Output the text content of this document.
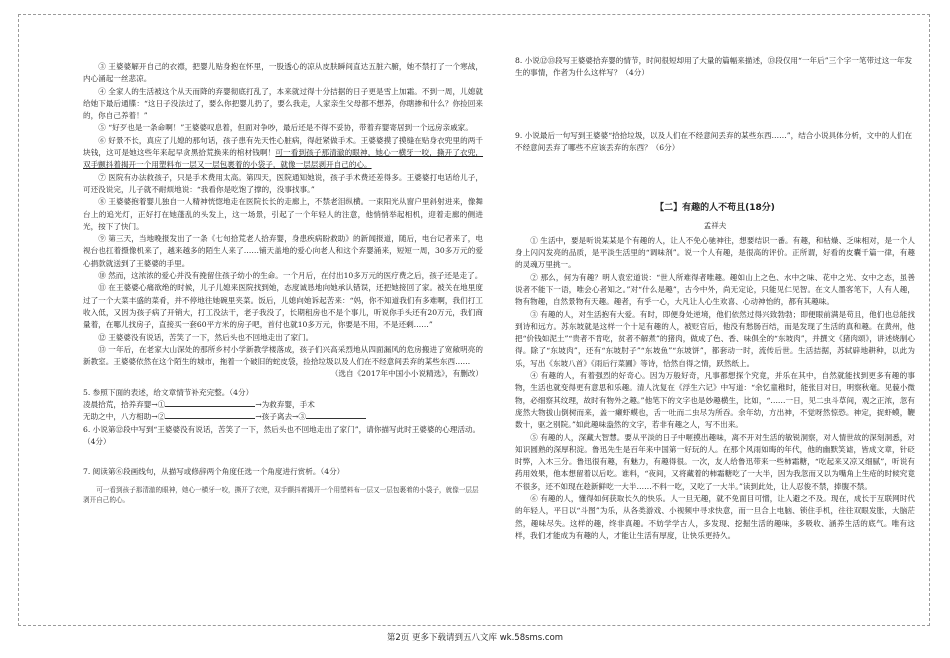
③ 王婆婆解开自己的衣襟，把婴儿贴身抱在怀里，一股透心的凉从皮肤瞬间直达五脏六腑，她不禁打了一个寒战，内心涌起一丝悲凉。

④ 全家人的生活被这个从天而降的弃婴彻底打乱了，本来就过得十分拮据的日子更是雪上加霜。不到一周，儿媳就给她下最后通牒：“这日子没法过了，要么你把婴儿扔了，要么我走，人家亲生父母都不想养，你瞎掺和什么？你捡回来的，你自己养着！”

⑤ “好歹也是一条命啊！”王婆婆叹息着，但面对争吵，最后还是不得不妥协，带着弃婴寄居到一个远房亲戚家。

⑥ 好景不长，真应了儿媳的那句话，孩子患有先天性心脏病，得赶紧做手术。王婆婆摸了摸缝在贴身衣兜里的两千块钱，这可是她这些年来起早贪黑拾荒换来的棺材钱啊！可一看到孩子那清澈的眼神，她心一横牙一咬，撕开了衣兜，双手颤抖着揭开一个用塑料布一层又一层包裹着的小袋子，就像一层层剥开自己的心。

⑦ 医院有办法救孩子，只是手术费用太高。第四天，医院通知她说，孩子手术费还差得多。王婆婆打电话给儿子，可还没说完，儿子就不耐烦地说：“我看你是吃饱了撑的，没事找事。”

⑧ 王婆婆抱着婴儿独自一人精神恍惚地走在医院长长的走廊上，不禁老泪纵横。一束阳光从窗户里斜射进来，像舞台上的追光灯，正好打在她蓬乱的头发上，这一场景，引起了一个年轻人的注意，他悄悄举起相机，迎着走廊的侧进光，按下了快门。

⑨ 第三天，当地晚报发出了一条《七旬拾荒老人拾弃婴，身患疾病盼救助》的新闻报道，随后，电台记者来了，电视台也扛着摄像机来了，越来越多的陌生人来了……铺天盖地的爱心向老人和这个弃婴涌来，短短一周，30多万元的爱心捐款就送到了王婆婆的手里。

⑩ 然而，这浓浓的爱心并没有挽留住孩子幼小的生命。一个月后，在付出10多万元的医疗费之后，孩子还是走了。

⑪ 在王婆婆心痛欲绝的时候，儿子儿媳来医院找到她，态度诚恳地向她承认错误，还把她接回了家。被关在地里度过了一个大菜丰盛的菜肴，并不停地往她碗里夹菜。饭后，儿媳向她诉起苦来：“妈，你不知道我们有多难啊，我们打工收入低，又因为孩子病了开销大，打工没法干，老子我没了，长期租房也不是个事儿，听说你手头还有20万元，我们商量着，在哪儿找房子，直接买一套60平方米的房子吧，首付也就10多万元，你要是不用，不是还剩……”

⑫ 王婆婆没有说话，苦笑了一下，然后头也不回地走出了家门。

⑬ 一年后，在老家大山深处的那所乡村小学新教学楼落成，孩子们兴高采烈地从四面漏风的危房搬进了宽敞明亮的新教室。王婆婆依然在这个陌生的城市，拖着一个破旧的蛇皮袋，捡拾垃圾以及人们在不经意间丢弃的某些东西……

（选自《2017年中国小小说精选》，有删改）

5. 参照下面的表述，给文章情节补充完整。（4分）

凌晨拾荒，拾养弃婴→①	→为救弃婴，手术

无助之中，八方相助→②	→孩子离去→③

6. 小说第⑫段中写到“王婆婆没有说话，苦笑了一下，然后头也不回地走出了家门”，请你描写此时王婆婆的心理活动。（4分）

7. 阅读第⑥段画线句，从描写或修辞两个角度任选一个角度进行赏析。（4分）

可一看到孩子那清澈的眼神，她心一横牙一咬，撕开了衣兜，双手颤抖着揭开一个用塑料布一层又一层包裹着的小袋子，就像一层层剥开自己的心。

8. 小说⑫⑬段写王婆婆拾弃婴的情节，时间很短却用了大量的篇幅来描述，⑬段仅用“一年后”三个字一笔带过这一年发生的事情，作者为什么这样写？（4分）

9. 小说最后一句写到王婆婆“拾拾垃圾，以及人们在不经意间丢弃的某些东西……”，结合小说具体分析，文中的人们在不经意间丢弃了哪些不应该丢弃的东西？（6分）

【二】有趣的人不苟且(18分)

孟祥夫

① 生活中，要是听说某某是个有趣的人，让人不免心驰神往，想要结识一番。有趣，和枯燥、乏味相对，是一个人身上闪闪发亮的品质，是平淡生活里的“调味剂”。说一个人有趣，是很高的评价。正所谓，好看的皮囊千篇一律，有趣的灵魂万里挑一。

② 那么，何为有趣？明人袁宏道说：“世人所难得者唯趣。趣如山上之色、水中之味、花中之光、女中之态，虽善说者不能下一语，唯会心者知之。”对“什么是趣”，古今中外，尚无定论，只能见仁见智。在文人墨客笔下，人有人趣，物有物趣，自然景物有天趣。趣者，有乎一心，大凡让人心生欢喜、心动神怡的，都有其趣味。

③ 有趣的人，对生活抱有大爱。有时，即便身处逆境，他们依然过得兴致勃勃；即便眼前满是苟且，他们也总能找到诗和远方。苏东坡就是这样一个十足有趣的人，被贬官后，他没有愁肠百结，而是发现了生活的真和趣。在黄州，他把“价钱如泥土”“贵者不肯吃，贫者不解煮”的猪肉，做成了色、香、味俱全的“东坡肉”，并撰文《猪肉颂》，讲述烧制心得。除了“东坡肉”，还有“东坡肘子”“东坡鱼”“东坡饼”，都套动一时，流传后世。生活拮据，苏轼辟地耕种，以此为乐，写出《东坡八首》《雨后行菜圃》等诗，恰然自得之情，跃然纸上。

④ 有趣的人，有着强烈的好奇心。因为万般好奇，凡事都想探个究竟，并乐在其中，自然就能找到更多有趣的事物，生活也就变得更有意思和乐趣。清人沈复在《浮生六记》中写道：“余忆童稚时，能张目对日，明察秋毫。见藐小微物，必细察其纹理，故时有物外之趣。”他笔下的文字也是妙趣横生，比如，“……一日，见二虫斗草间，观之正浓，忽有庞然大物拔山倒树而来，盖一癞虾蟆也，舌一吐而二虫尽为所吞。余年幼，方出神，不觉呀然惊恐。神定，捉虾蟆，鞭数十，驱之别院。”如此趣味盎然的文字，若非有趣之人，写不出来。

⑤ 有趣的人，深藏大智慧。要从平淡的日子中咂摸出趣味，离不开对生活的敏锐洞察，对人情世故的深刻洞悉，对知识圆熟的深厚积淀。鲁迅先生是百年来中国第一好玩的人。在那个风雨如晦的年代，他的幽默笑谑，皆成文章，针砭时弊，入木三分。鲁迅很有趣，有魅力，有趣得很。一次，友人给鲁迅带来一些柿霜糖，“吃起来又凉又细腻”，听说有药用效果，他本想留着以后吃。谁料，“夜间，又将藏着的柿霜糖吃了一大半，因为我忽而又以为嘴角上生疮的时候究竟不很多，还不如现在趁新鲜吃一大半……不料一吃，又吃了一大半。”读到此处，让人忍俊不禁，捧腹不禁。

⑥ 有趣的人，懂得如何获取长久的快乐。人一旦无趣，就不免面目可憎，让人避之不及。现在，成长于互联网时代的年轻人，平日以“斗图”为乐，从各类游戏、小视频中寻求快意，而一旦合上电脑、锁住手机，往往双眼发胀，大脑茫然，趣味尽失。这样的趣，终非真趣。不妨学学古人，多发现、挖掘生活的趣味，多吸收、涵养生活的底气。唯有这样，我们才能成为有趣的人，才能让生活有厚度，让快乐更持久。

第2页 更多下载请到五八文库 wk.58sms.com
